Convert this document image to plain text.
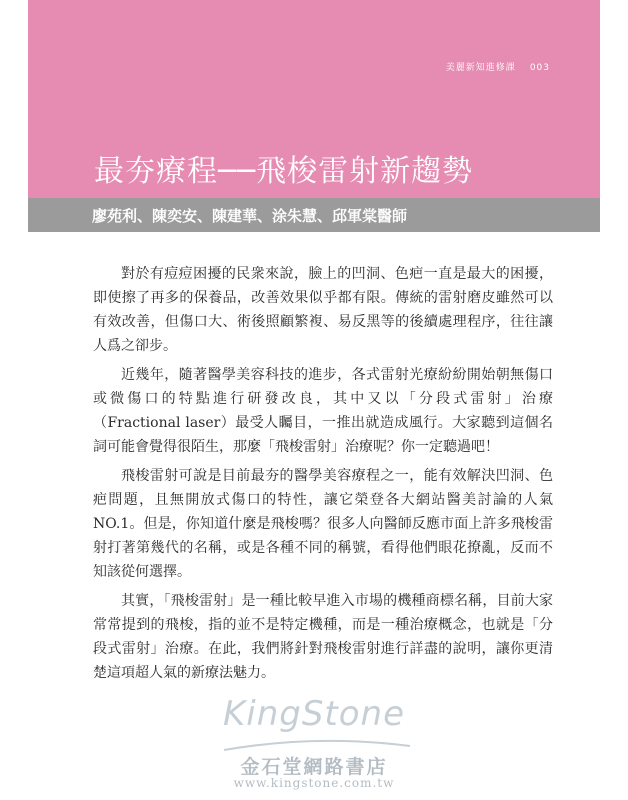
美麗新知進修課 003
最夯療程──飛梭雷射新趨勢
廖苑利、陳奕安、陳建華、涂朱慧、邱軍棠醫師

對於有痘痘困擾的民衆來說，臉上的凹洞、色疤一直是最大的困擾，即使擦了再多的保養品，改善效果似乎都有限。傳統的雷射磨皮雖然可以有效改善，但傷口大、術後照顧繁複、易反黑等的後續處理程序，往往讓人爲之卻步。

近幾年，隨著醫學美容科技的進步，各式雷射光療紛紛開始朝無傷口或微傷口的特點進行研發改良，其中又以「分段式雷射」治療（Fractional laser）最受人矚目，一推出就造成風行。大家聽到這個名詞可能會覺得很陌生，那麼「飛梭雷射」治療呢？你一定聽過吧！

飛梭雷射可說是目前最夯的醫學美容療程之一，能有效解決凹洞、色疤問題，且無開放式傷口的特性，讓它榮登各大網站醫美討論的人氣NO.1。但是，你知道什麼是飛梭嗎？很多人向醫師反應市面上許多飛梭雷射打著第幾代的名稱，或是各種不同的稱號，看得他們眼花撩亂，反而不知該從何選擇。

其實，「飛梭雷射」是一種比較早進入市場的機種商標名稱，目前大家常常提到的飛梭，指的並不是特定機種，而是一種治療概念，也就是「分段式雷射」治療。在此，我們將針對飛梭雷射進行詳盡的說明，讓你更清楚這項超人氣的新療法魅力。

KingStone
金石堂網路書店
www.kingstone.com.tw
